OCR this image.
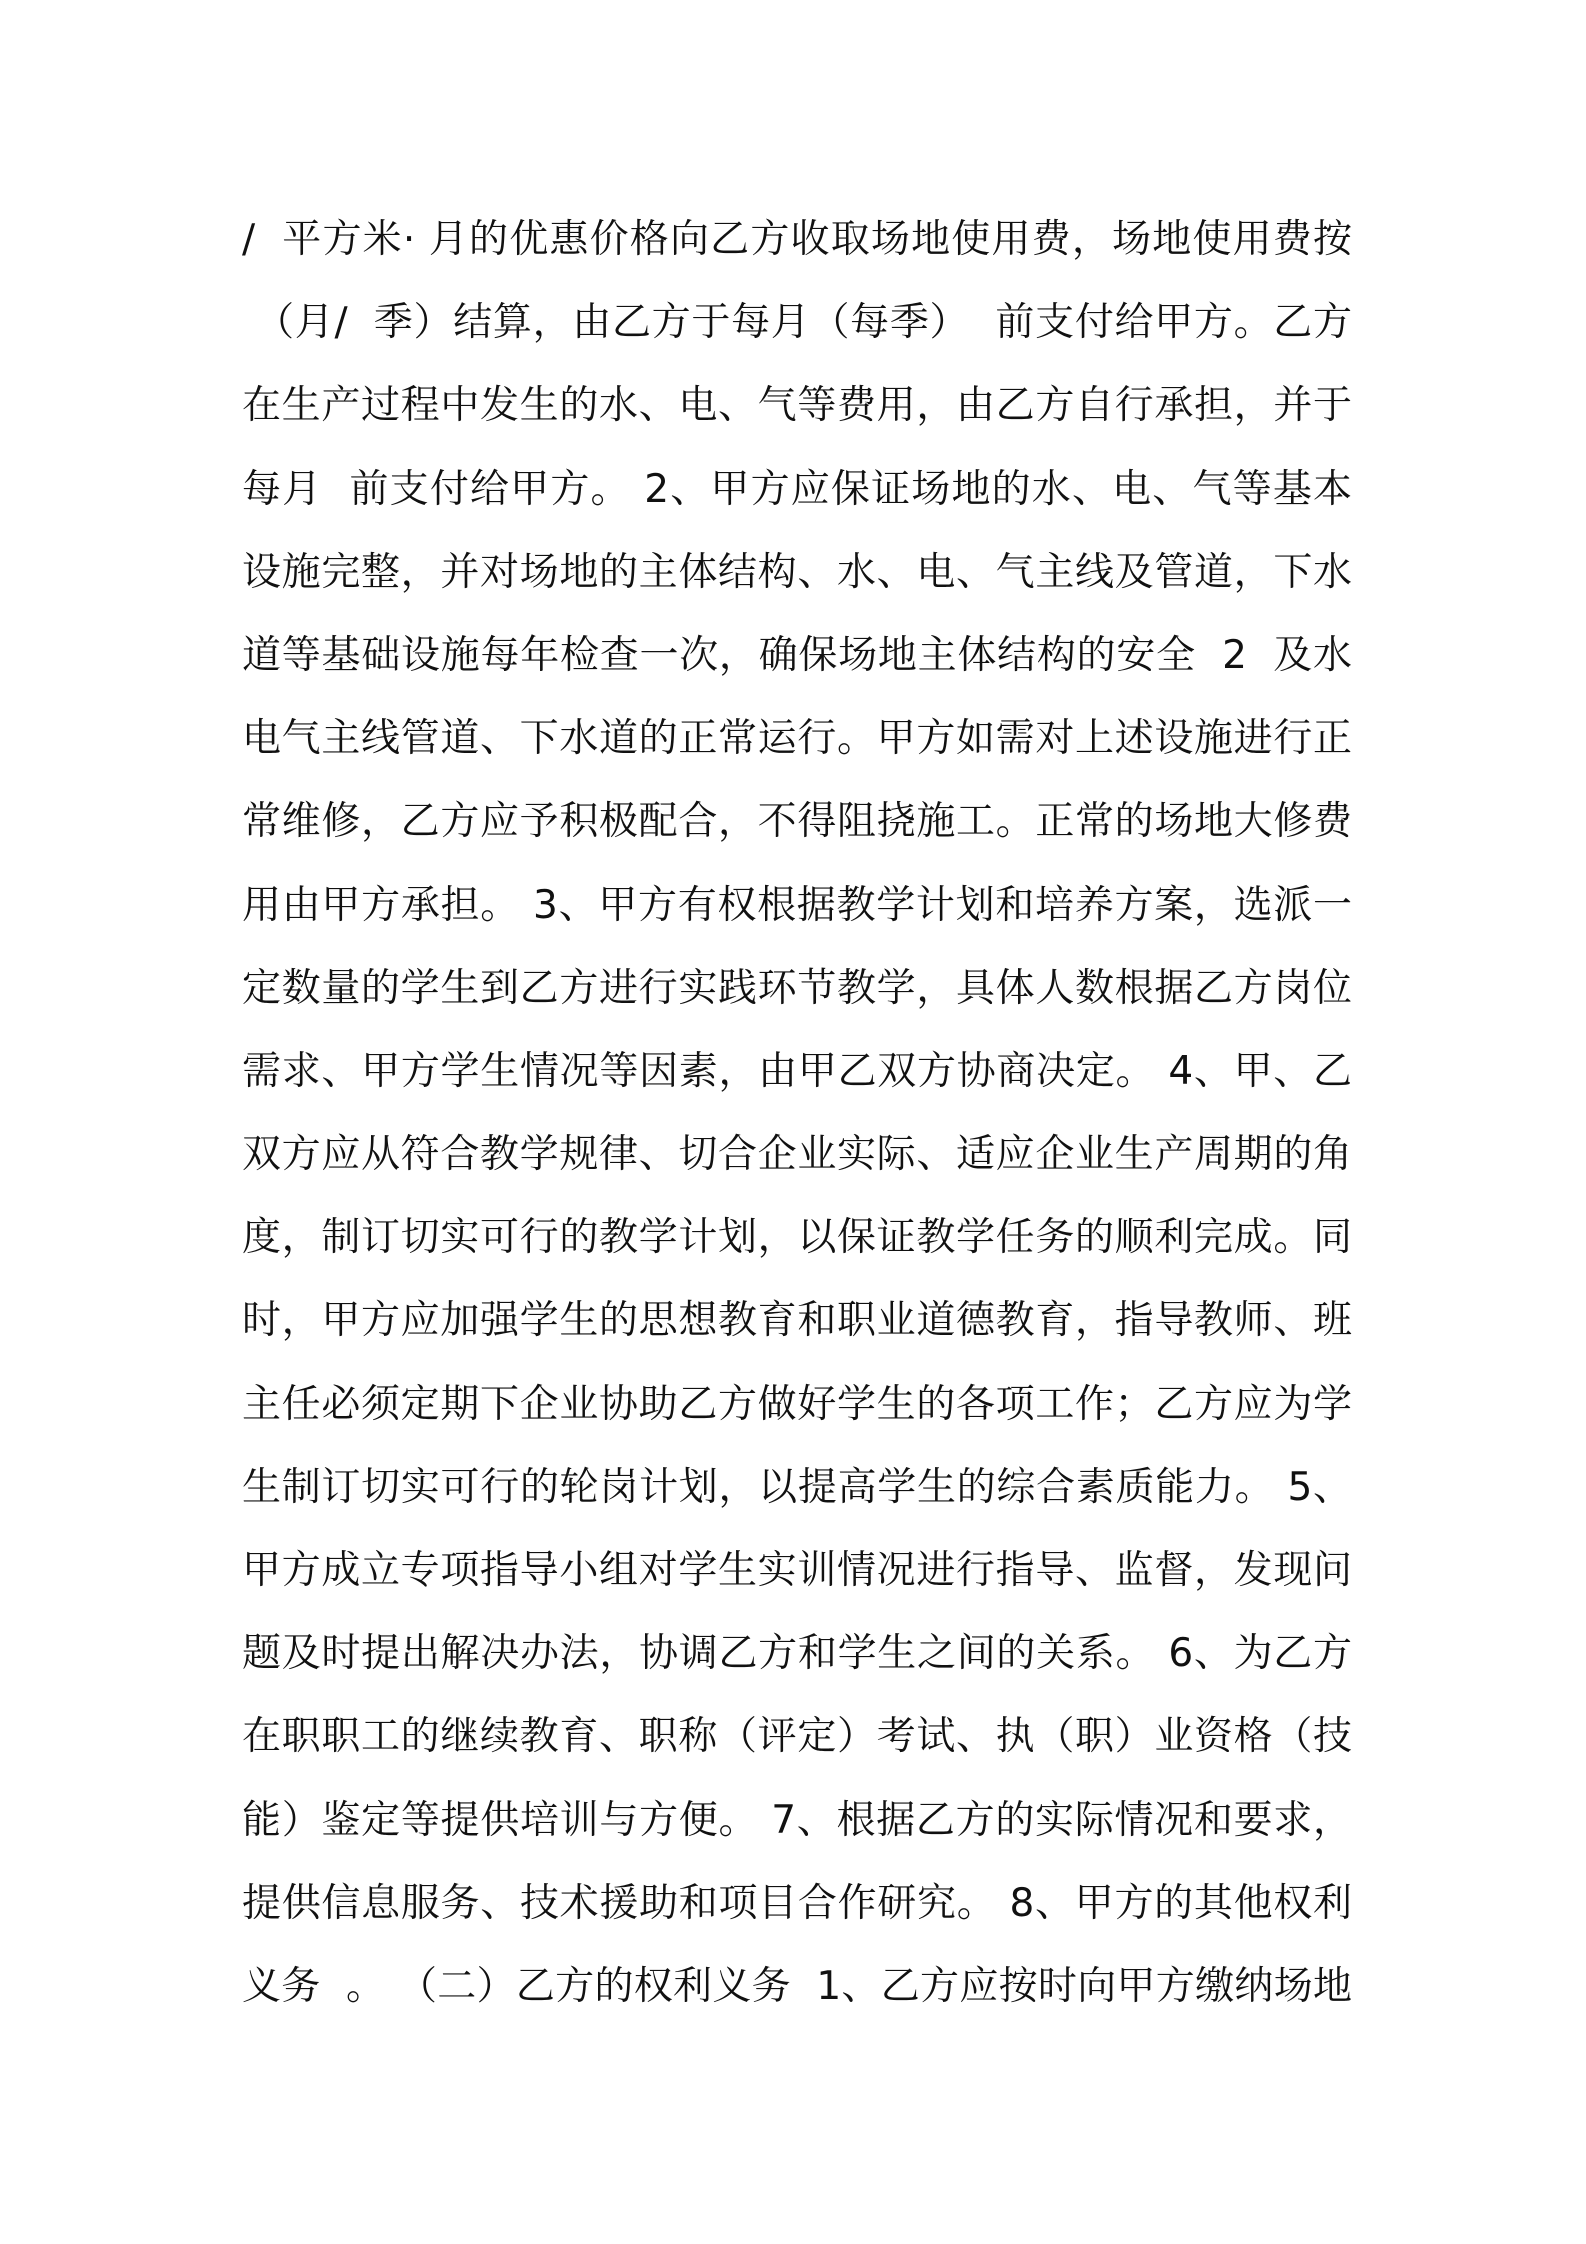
/  平方米· 月的优惠价格向乙方收取场地使用费，场地使用费按
（月/  季）结算，由乙方于每月（每季）  前支付给甲方。乙方
在生产过程中发生的水、电、气等费用，由乙方自行承担，并于
每月  前支付给甲方。 2、甲方应保证场地的水、电、气等基本
设施完整，并对场地的主体结构、水、电、气主线及管道，下水
道等基础设施每年检查一次，确保场地主体结构的安全  2  及水
电气主线管道、下水道的正常运行。甲方如需对上述设施进行正
常维修，乙方应予积极配合，不得阻挠施工。正常的场地大修费
用由甲方承担。 3、甲方有权根据教学计划和培养方案，选派一
定数量的学生到乙方进行实践环节教学，具体人数根据乙方岗位
需求、甲方学生情况等因素，由甲乙双方协商决定。 4、甲、乙
双方应从符合教学规律、切合企业实际、适应企业生产周期的角
度，制订切实可行的教学计划，以保证教学任务的顺利完成。同
时，甲方应加强学生的思想教育和职业道德教育，指导教师、班
主任必须定期下企业协助乙方做好学生的各项工作；乙方应为学
生制订切实可行的轮岗计划，以提高学生的综合素质能力。 5、
甲方成立专项指导小组对学生实训情况进行指导、监督，发现问
题及时提出解决办法，协调乙方和学生之间的关系。 6、为乙方
在职职工的继续教育、职称（评定）考试、执（职）业资格（技
能）鉴定等提供培训与方便。 7、根据乙方的实际情况和要求，
提供信息服务、技术援助和项目合作研究。 8、甲方的其他权利
义务  。 （二）乙方的权利义务  1、乙方应按时向甲方缴纳场地
